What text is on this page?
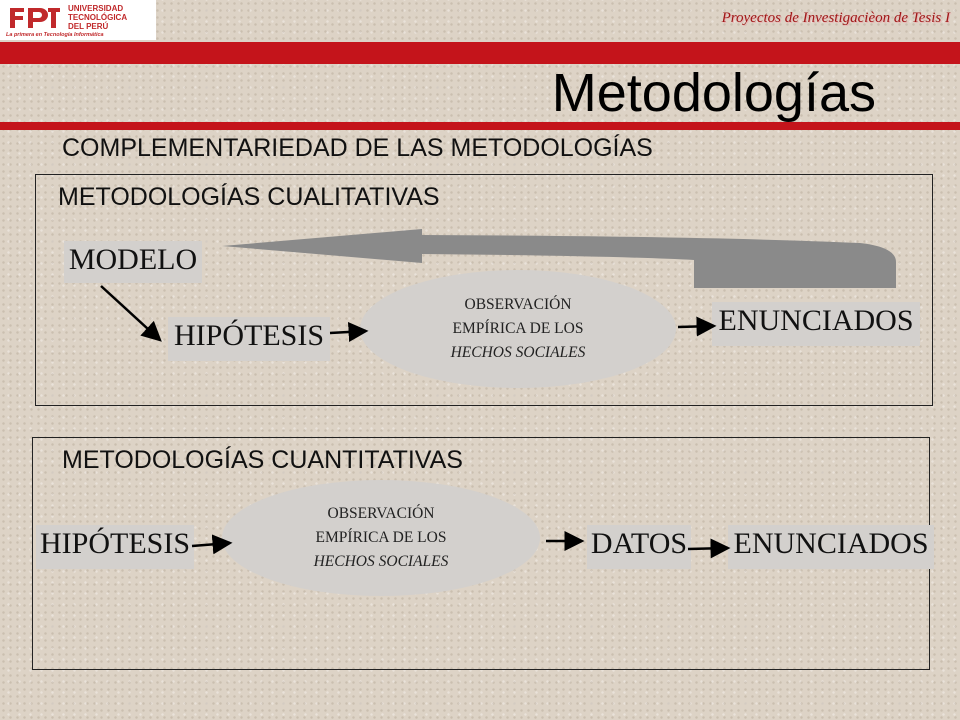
UNIVERSIDAD
TECNOLÓGICA
DEL PERÚ
La primera en Tecnología Informática
Proyectos de Investigacièon de Tesis I
Metodologías
COMPLEMENTARIEDAD DE LAS METODOLOGÍAS
METODOLOGÍAS CUALITATIVAS
MODELO
HIPÓTESIS
OBSERVACIÓN
EMPÍRICA DE LOS
HECHOS SOCIALES
ENUNCIADOS
METODOLOGÍAS CUANTITATIVAS
HIPÓTESIS
OBSERVACIÓN
EMPÍRICA DE LOS
HECHOS SOCIALES
DATOS ENUNCIADOS
